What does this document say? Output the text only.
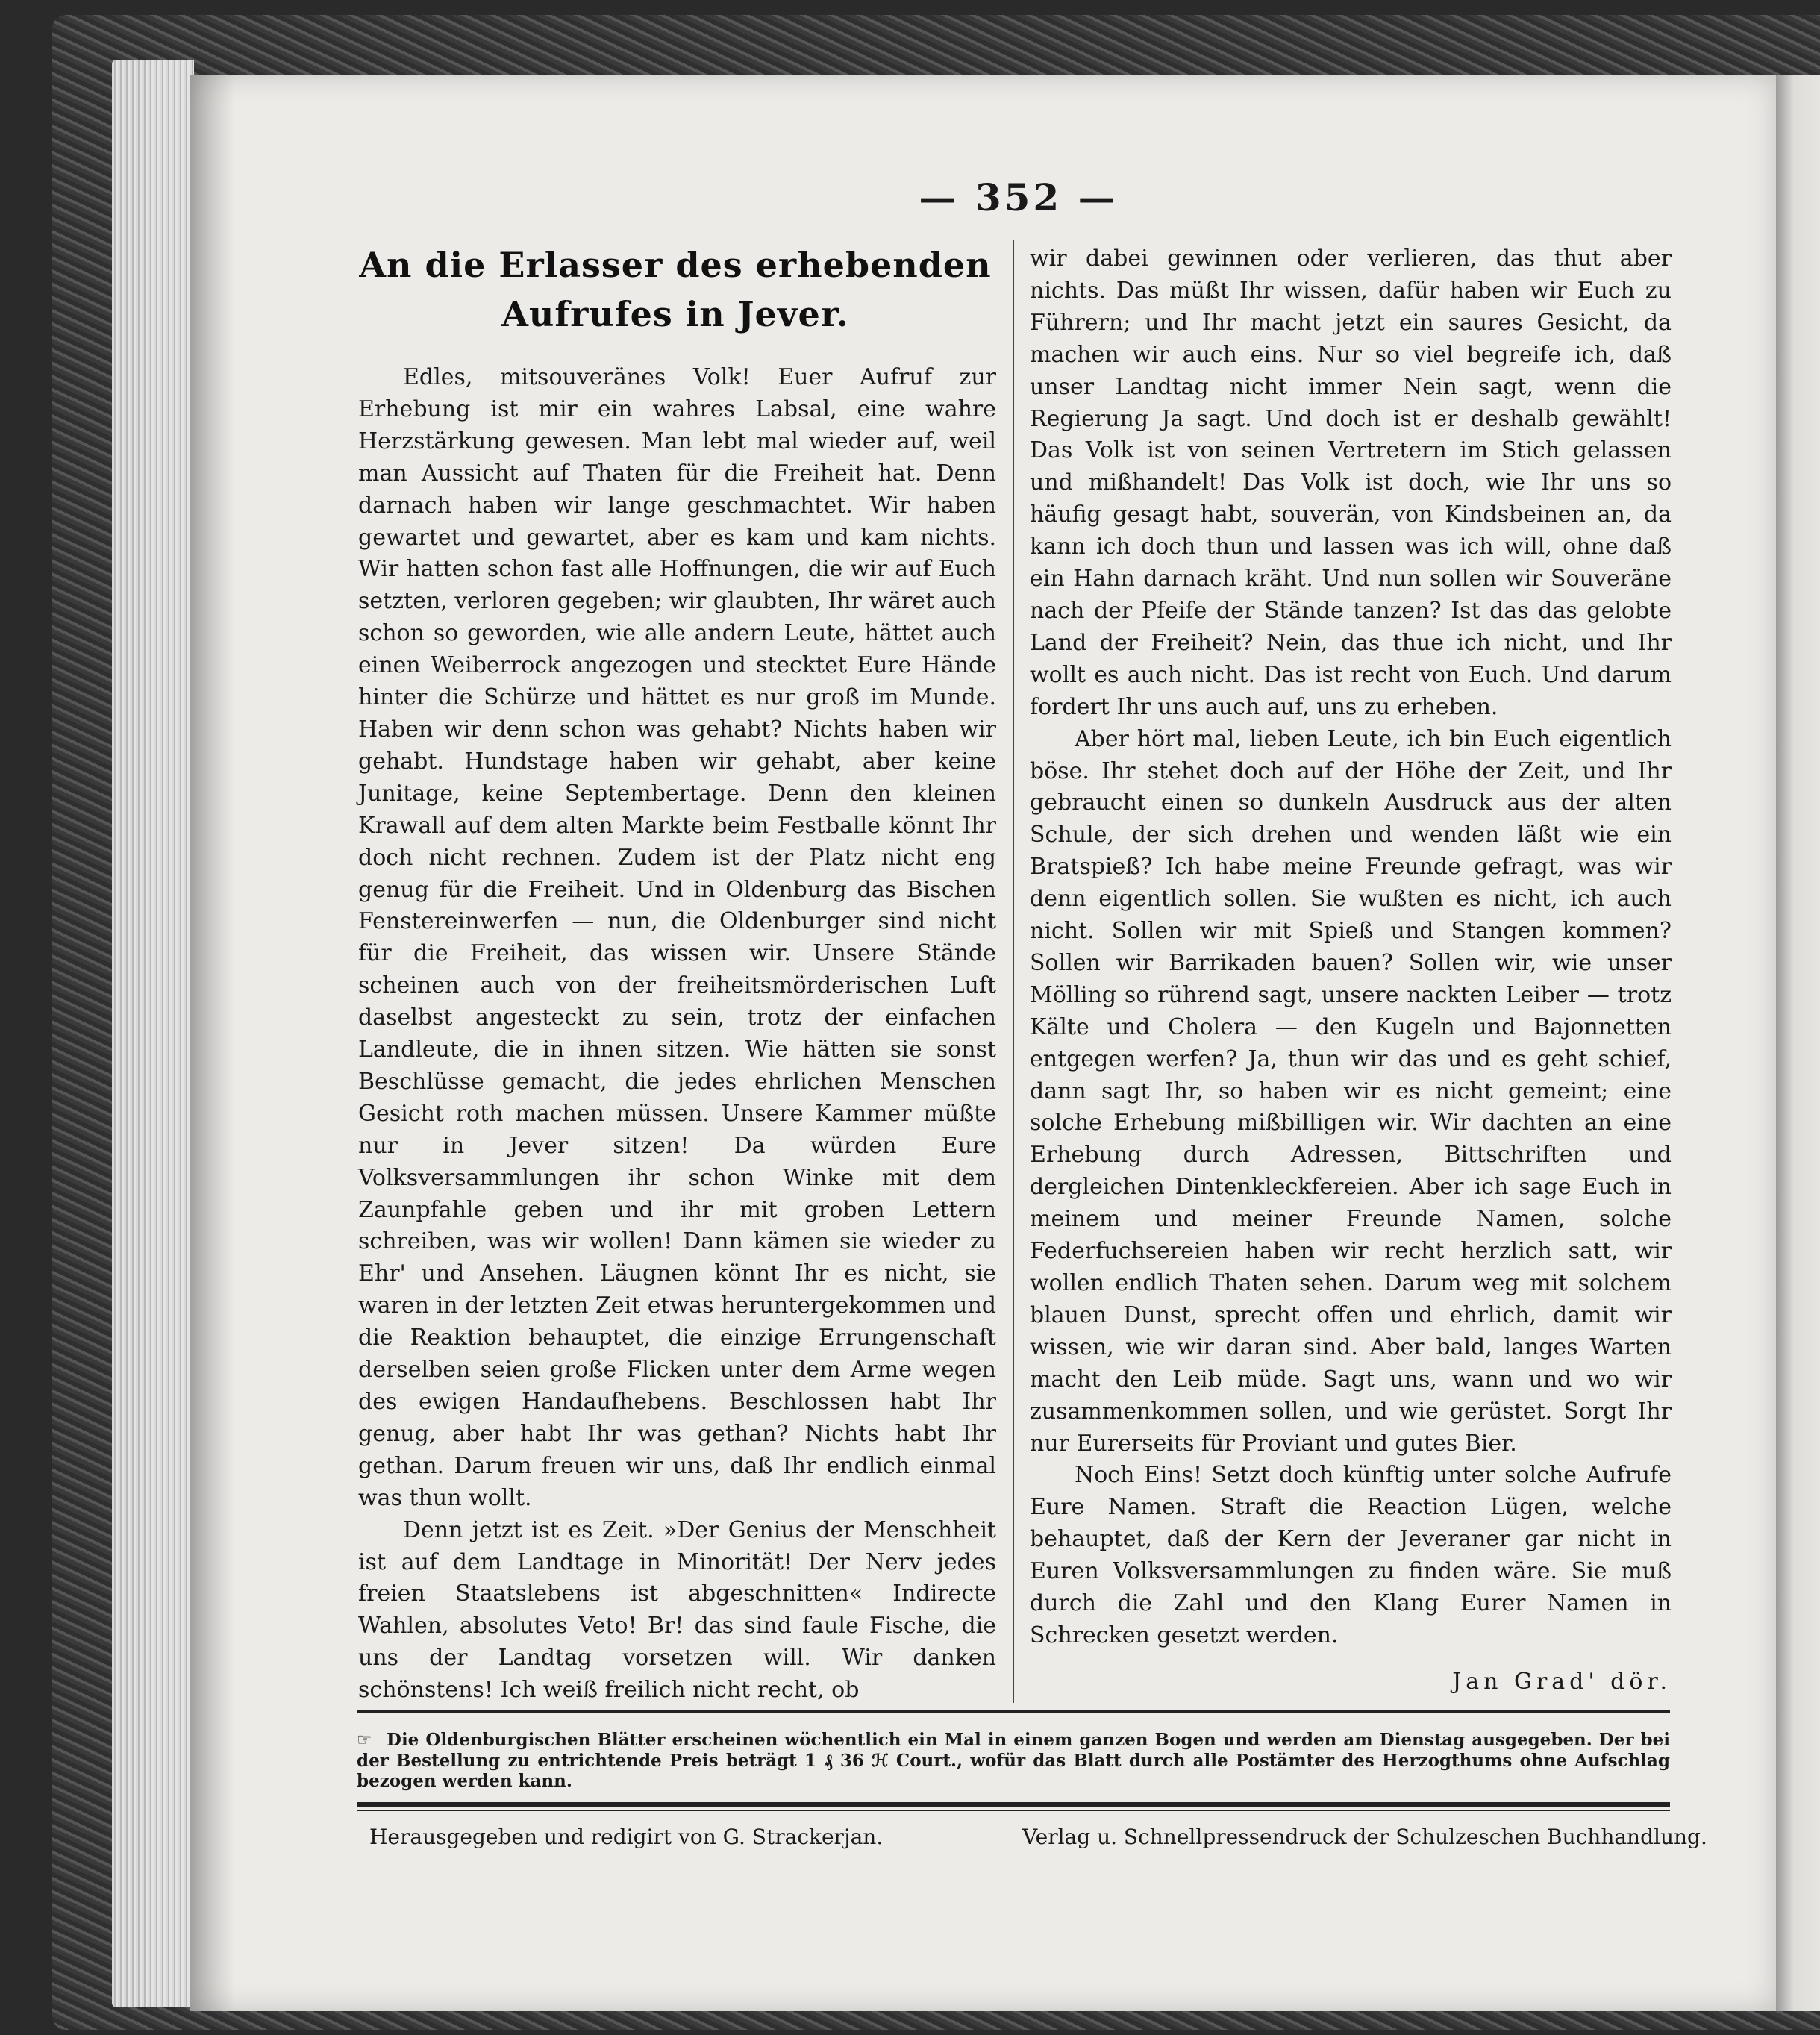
— 352 —
An die Erlasser des erhebenden
Aufrufes in Jever.

Edles, mitsouveränes Volk! Euer Aufruf zur Erhebung ist mir ein wahres Labsal, eine wahre Herzstärkung gewesen. Man lebt mal wieder auf, weil man Aussicht auf Thaten für die Freiheit hat. Denn darnach haben wir lange geschmachtet. Wir haben gewartet und gewartet, aber es kam und kam nichts. Wir hatten schon fast alle Hoffnungen, die wir auf Euch setzten, verloren gegeben; wir glaubten, Ihr wäret auch schon so geworden, wie alle andern Leute, hättet auch einen Weiberrock angezogen und stecktet Eure Hände hinter die Schürze und hättet es nur groß im Munde. Haben wir denn schon was gehabt? Nichts haben wir gehabt. Hundstage haben wir gehabt, aber keine Junitage, keine Septembertage. Denn den kleinen Krawall auf dem alten Markte beim Festballe könnt Ihr doch nicht rechnen. Zudem ist der Platz nicht eng genug für die Freiheit. Und in Oldenburg das Bischen Fenstereinwerfen — nun, die Oldenburger sind nicht für die Freiheit, das wissen wir. Unsere Stände scheinen auch von der freiheitsmörderischen Luft daselbst angesteckt zu sein, trotz der einfachen Landleute, die in ihnen sitzen. Wie hätten sie sonst Beschlüsse gemacht, die jedes ehrlichen Menschen Gesicht roth machen müssen. Unsere Kammer müßte nur in Jever sitzen! Da würden Eure Volksversammlungen ihr schon Winke mit dem Zaunpfahle geben und ihr mit groben Lettern schreiben, was wir wollen! Dann kämen sie wieder zu Ehr' und Ansehen. Läugnen könnt Ihr es nicht, sie waren in der letzten Zeit etwas heruntergekommen und die Reaktion behauptet, die einzige Errungenschaft derselben seien große Flicken unter dem Arme wegen des ewigen Handaufhebens. Beschlossen habt Ihr genug, aber habt Ihr was gethan? Nichts habt Ihr gethan. Darum freuen wir uns, daß Ihr endlich einmal was thun wollt.

Denn jetzt ist es Zeit. »Der Genius der Menschheit ist auf dem Landtage in Minorität! Der Nerv jedes freien Staatslebens ist abgeschnitten« Indirecte Wahlen, absolutes Veto! Br! das sind faule Fische, die uns der Landtag vorsetzen will. Wir danken schönstens! Ich weiß freilich nicht recht, ob

wir dabei gewinnen oder verlieren, das thut aber nichts. Das müßt Ihr wissen, dafür haben wir Euch zu Führern; und Ihr macht jetzt ein saures Gesicht, da machen wir auch eins. Nur so viel begreife ich, daß unser Landtag nicht immer Nein sagt, wenn die Regierung Ja sagt. Und doch ist er deshalb gewählt! Das Volk ist von seinen Vertretern im Stich gelassen und mißhandelt! Das Volk ist doch, wie Ihr uns so häufig gesagt habt, souverän, von Kindsbeinen an, da kann ich doch thun und lassen was ich will, ohne daß ein Hahn darnach kräht. Und nun sollen wir Souveräne nach der Pfeife der Stände tanzen? Ist das das gelobte Land der Freiheit? Nein, das thue ich nicht, und Ihr wollt es auch nicht. Das ist recht von Euch. Und darum fordert Ihr uns auch auf, uns zu erheben.

Aber hört mal, lieben Leute, ich bin Euch eigentlich böse. Ihr stehet doch auf der Höhe der Zeit, und Ihr gebraucht einen so dunkeln Ausdruck aus der alten Schule, der sich drehen und wenden läßt wie ein Bratspieß? Ich habe meine Freunde gefragt, was wir denn eigentlich sollen. Sie wußten es nicht, ich auch nicht. Sollen wir mit Spieß und Stangen kommen? Sollen wir Barrikaden bauen? Sollen wir, wie unser Mölling so rührend sagt, unsere nackten Leiber — trotz Kälte und Cholera — den Kugeln und Bajonnetten entgegen werfen? Ja, thun wir das und es geht schief, dann sagt Ihr, so haben wir es nicht gemeint; eine solche Erhebung mißbilligen wir. Wir dachten an eine Erhebung durch Adressen, Bittschriften und dergleichen Dintenkleckfereien. Aber ich sage Euch in meinem und meiner Freunde Namen, solche Federfuchsereien haben wir recht herzlich satt, wir wollen endlich Thaten sehen. Darum weg mit solchem blauen Dunst, sprecht offen und ehrlich, damit wir wissen, wie wir daran sind. Aber bald, langes Warten macht den Leib müde. Sagt uns, wann und wo wir zusammenkommen sollen, und wie gerüstet. Sorgt Ihr nur Eurerseits für Proviant und gutes Bier.

Noch Eins! Setzt doch künftig unter solche Aufrufe Eure Namen. Straft die Reaction Lügen, welche behauptet, daß der Kern der Jeveraner gar nicht in Euren Volksversammlungen zu finden wäre. Sie muß durch die Zahl und den Klang Eurer Namen in Schrecken gesetzt werden.

Jan Grad' dör.
☞ Die Oldenburgischen Blätter erscheinen wöchentlich ein Mal in einem ganzen Bogen und werden am Dienstag ausgegeben. Der bei der Bestellung zu entrichtende Preis beträgt 1 ₰ 36 ℋ Court., wofür das Blatt durch alle Postämter des Herzogthums ohne Aufschlag bezogen werden kann.
Herausgegeben und redigirt von G. Strackerjan.	Verlag u. Schnellpressendruck der Schulzeschen Buchhandlung.
